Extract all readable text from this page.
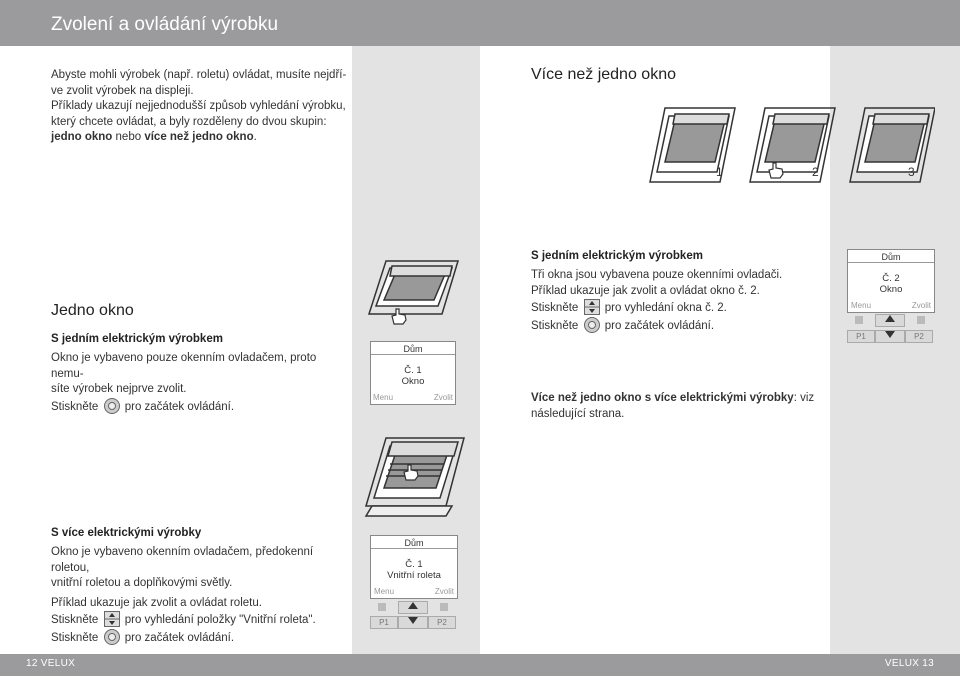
Zvolení a ovládání výrobku
Abyste mohli výrobek (např. roletu) ovládat, musíte nejdří-
ve zvolit výrobek na displeji.
Příklady ukazují nejjednodušší způsob vyhledání výrobku,
který chcete ovládat, a byly rozděleny do dvou skupin:
jedno okno nebo více než jedno okno.
Více než jedno okno
1	2	3
Jedno okno
S jedním elektrickým výrobkem
Okno je vybaveno pouze okenním ovladačem, proto nemu-
síte výrobek nejprve zvolit.
Stiskněte pro začátek ovládání.
Dům
Č. 1
Okno
Menu	Zvolit
S jedním elektrickým výrobkem
Tři okna jsou vybavena pouze okenními ovladači.
Příklad ukazuje jak zvolit a ovládat okno č. 2.
Stiskněte pro vyhledání okna č. 2.
Stiskněte pro začátek ovládání.
Dům
Č. 2
Okno
Menu	Zvolit
P1	P2
Více než jedno okno s více elektrickými výrobky: viz
následující strana.
S více elektrickými výrobky
Okno je vybaveno okenním ovladačem, předokenní roletou,
vnitřní roletou a doplňkovými světly.
Příklad ukazuje jak zvolit a ovládat roletu.
Stiskněte pro vyhledání položky "Vnitřní roleta".
Stiskněte pro začátek ovládání.
Dům
Č. 1
Vnitřní roleta
Menu	Zvolit
P1	P2
12 VELUX	VELUX 13
